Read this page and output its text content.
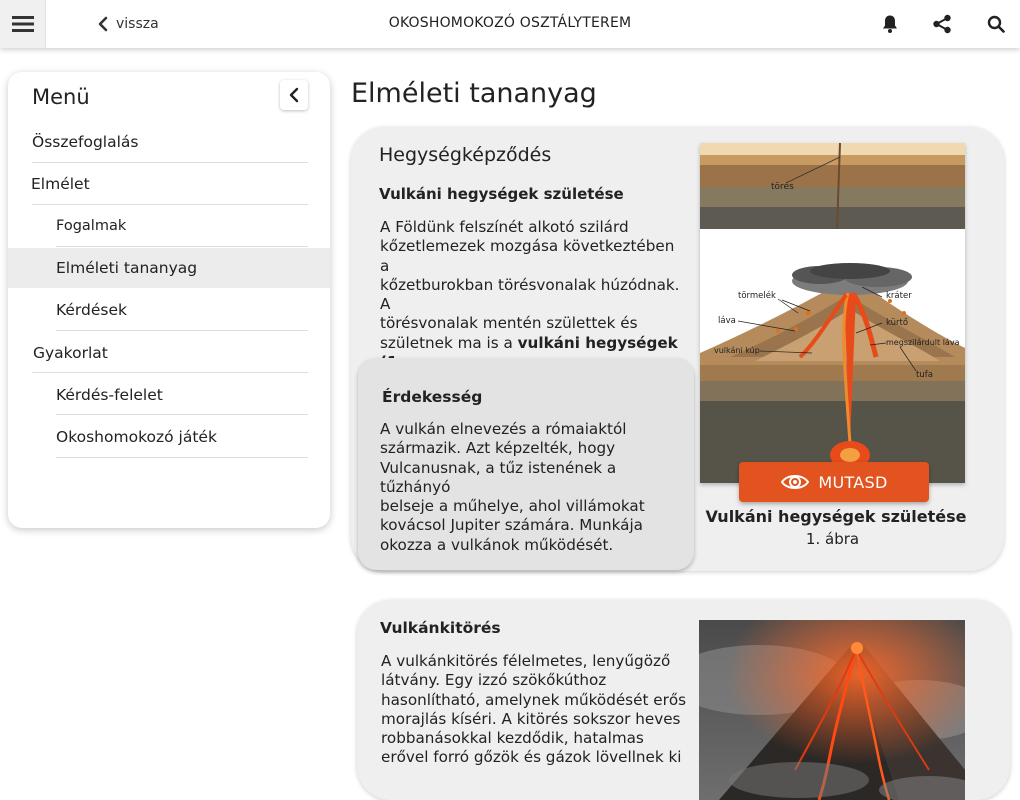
vissza	OKOSHOMOKOZÓ OSZTÁLYTEREM
Menü
Összefoglalás
Elmélet
Fogalmak
Elméleti tananyag
Kérdések
Gyakorlat
Kérdés-felelet
Okoshomokozó játék
Elméleti tananyag
Hegységképződés
Vulkáni hegységek születése
A Földünk felszínét alkotó szilárd
kőzetlemezek mozgása következtében a
kőzetburokban törésvonalak húzódnak. A
törésvonalak mentén születtek és
születnek ma is a vulkáni hegységek
Érdekesség
A vulkán elnevezés a rómaiaktól
származik. Azt képzelték, hogy
Vulcanusnak, a tűz istenének a tűzhányó
belseje a műhelye, ahol villámokat
kovácsol Jupiter számára. Munkája
okozza a vulkánok működését.
törés
kráter
törmelék
kürtő
láva
megszilárdult láva
vulkáni kúp
tufa
MUTASD
Vulkáni hegységek születése
1. ábra
Vulkánkitörés
A vulkánkitörés félelmetes, lenyűgöző
látvány. Egy izzó szökőkúthoz
hasonlítható, amelynek működését erős
morajlás kíséri. A kitörés sokszor heves
robbanásokkal kezdődik, hatalmas
erővel forró gőzök és gázok lövellnek ki
